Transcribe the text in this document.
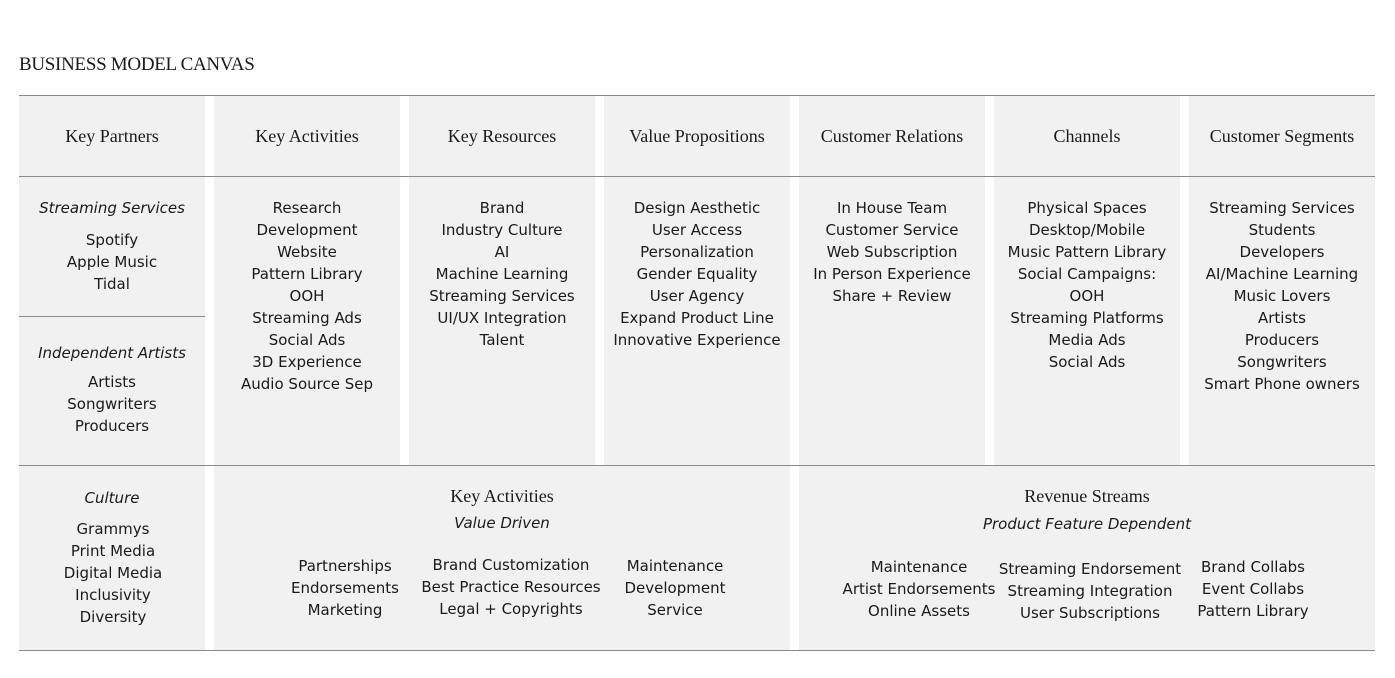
BUSINESS MODEL CANVAS
Key Partners
Streaming Services
Spotify
Apple Music
Tidal
Independent Artists
Artists
Songwriters
Producers
Key Activities
Research
Development
Website
Pattern Library
OOH
Streaming Ads
Social Ads
3D Experience
Audio Source Sep
Key Resources
Brand
Industry Culture
AI
Machine Learning
Streaming Services
UI/UX Integration
Talent
Value Propositions
Design Aesthetic
User Access
Personalization
Gender Equality
User Agency
Expand Product Line
Innovative Experience
Customer Relations
In House Team
Customer Service
Web Subscription
In Person Experience
Share + Review
Channels
Physical Spaces
Desktop/Mobile
Music Pattern Library
Social Campaigns:
OOH
Streaming Platforms
Media Ads
Social Ads
Customer Segments
Streaming Services
Students
Developers
AI/Machine Learning
Music Lovers
Artists
Producers
Songwriters
Smart Phone owners
Culture
Grammys
Print Media
Digital Media
Inclusivity
Diversity
Key Activities
Value Driven
Partnerships
Endorsements
Marketing
Brand Customization
Best Practice Resources
Legal + Copyrights
Maintenance
Development
Service
Revenue Streams
Product Feature Dependent
Maintenance
Artist Endorsements
Online Assets
Streaming Endorsement
Streaming Integration
User Subscriptions
Brand Collabs
Event Collabs
Pattern Library
